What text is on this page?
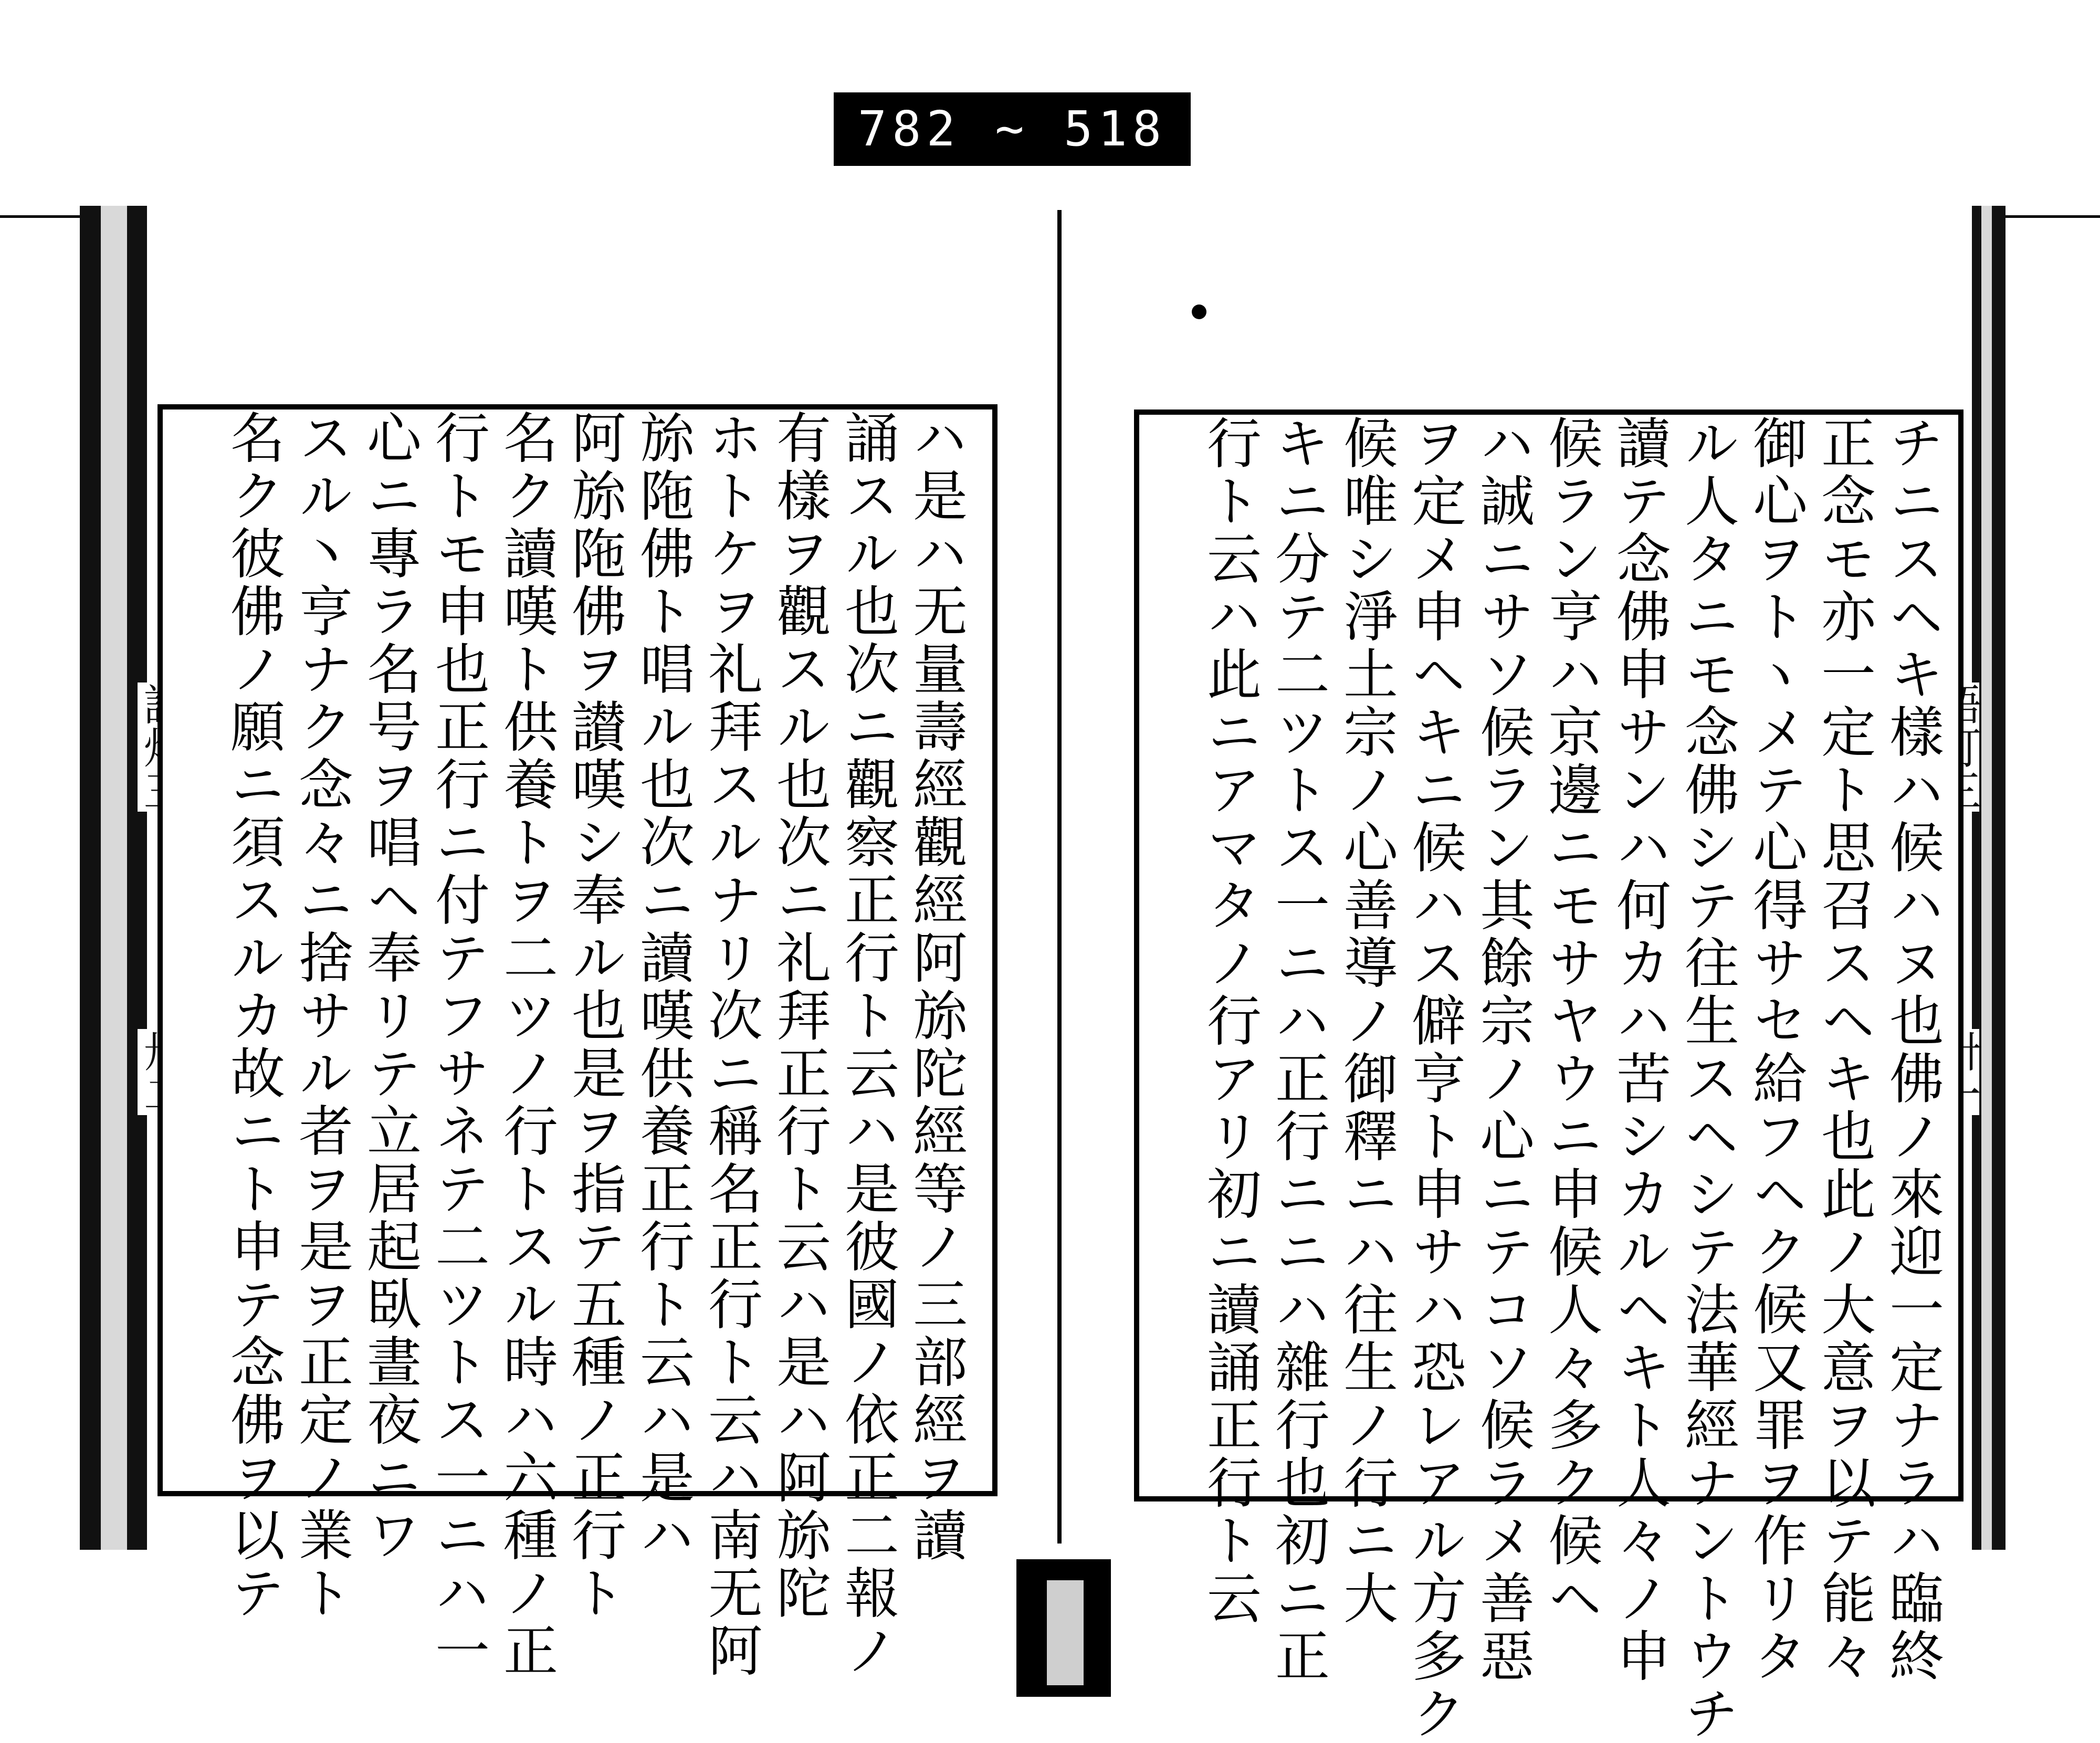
782 ∼ 518
ハ是ハ无量壽經觀經阿旀陀經等ノ三部經ヲ讀
誦スル也次ニ觀察正行ト云ハ是彼國ノ依正二報ノ
有樣ヲ觀スル也次ニ礼拜正行ト云ハ是ハ阿旀陀
ホトケヲ礼拜スルナリ次ニ稱名正行ト云ハ南无阿
旀陁佛ト唱ル也次ニ讀嘆供養正行ト云ハ是ハ
阿旀陁佛ヲ讃嘆シ奉ル也是ヲ指テ五種ノ正行ト
名ク讀嘆ト供養トヲ二ツノ行トスル時ハ六種ノ正
行トモ申也正行ニ付テフサネテ二ツトス一ニハ一
心ニ專ラ名号ヲ唱ヘ奉リテ立居起臥晝夜ニワ
スル丶亨ナク念々ニ捨サル者ヲ是ヲ正定ノ業ト
名ク彼佛ノ願ニ須スルカ故ニト申テ念佛ヲ以テ	チニスヘキ樣ハ候ハヌ也佛ノ來迎一定ナラハ臨終
正念モ亦一定ト思召スヘキ也此ノ大意ヲ以テ能々
御心ヲトヽメテ心得サセ給フヘク候又罪ヲ作リタ
ル人タニモ念佛シテ往生スヘシテ法華經ナントウチ
讀テ念佛申サンハ何カハ苦シカルヘキト人々ノ申
候ラン亨ハ京邊ニモサヤウニ申候人々多ク候ヘ
ハ誠ニサソ候ラン其餘宗ノ心ニテコソ候ラメ善惡
ヲ定メ申ヘキニ候ハス僻亨ト申サハ恐レアル方多ク
候唯シ淨土宗ノ心善導ノ御釋ニハ往生ノ行ニ大
キニ分テ二ツトス一ニハ正行ニニハ雜行也初ニ正
行ト云ハ此ニアマタノ行アリ初ニ讀誦正行ト云
